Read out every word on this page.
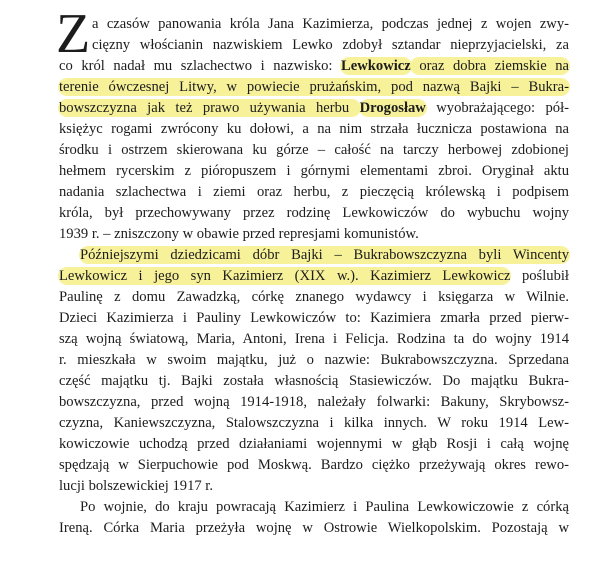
Z a czasów panowania króla Jana Kazimierza, podczas jednej z wojen zwy-
cięzny włościanin nazwiskiem Lewko zdobył sztandar nieprzyjacielski, za
co król nadał mu szlachectwo i nazwisko: Lewkowicz oraz dobra ziemskie na
terenie ówczesnej Litwy, w powiecie prużańskim, pod nazwą Bajki – Bukra-
bowszczyzna jak też prawo używania herbu Drogosław wyobrażającego: pół-
księżyc rogami zwrócony ku dołowi, a na nim strzała łucznicza postawiona na
środku i ostrzem skierowana ku górze – całość na tarczy herbowej zdobionej
hełmem rycerskim z pióropuszem i górnymi elementami zbroi. Oryginał aktu
nadania szlachectwa i ziemi oraz herbu, z pieczęcią królewską i podpisem
króla, był przechowywany przez rodzinę Lewkowiczów do wybuchu wojny
1939 r. – zniszczony w obawie przed represjami komunistów.
Późniejszymi dziedzicami dóbr Bajki – Bukrabowszczyzna byli Wincenty
Lewkowicz i jego syn Kazimierz (XIX w.). Kazimierz Lewkowicz poślubił
Paulinę z domu Zawadzką, córkę znanego wydawcy i księgarza w Wilnie.
Dzieci Kazimierza i Pauliny Lewkowiczów to: Kazimiera zmarła przed pierw-
szą wojną światową, Maria, Antoni, Irena i Felicja. Rodzina ta do wojny 1914
r. mieszkała w swoim majątku, już o nazwie: Bukrabowszczyzna. Sprzedana
część majątku tj. Bajki została własnością Stasiewiczów. Do majątku Bukra-
bowszczyzna, przed wojną 1914-1918, należały folwarki: Bakuny, Skrybowsz-
czyzna, Kaniewszczyzna, Stalowszczyzna i kilka innych. W roku 1914 Lew-
kowiczowie uchodzą przed działaniami wojennymi w głąb Rosji i całą wojnę
spędzają w Sierpuchowie pod Moskwą. Bardzo ciężko przeżywają okres rewo-
lucji bolszewickiej 1917 r.
Po wojnie, do kraju powracają Kazimierz i Paulina Lewkowiczowie z córką
Ireną. Córka Maria przeżyła wojnę w Ostrowie Wielkopolskim. Pozostają w
